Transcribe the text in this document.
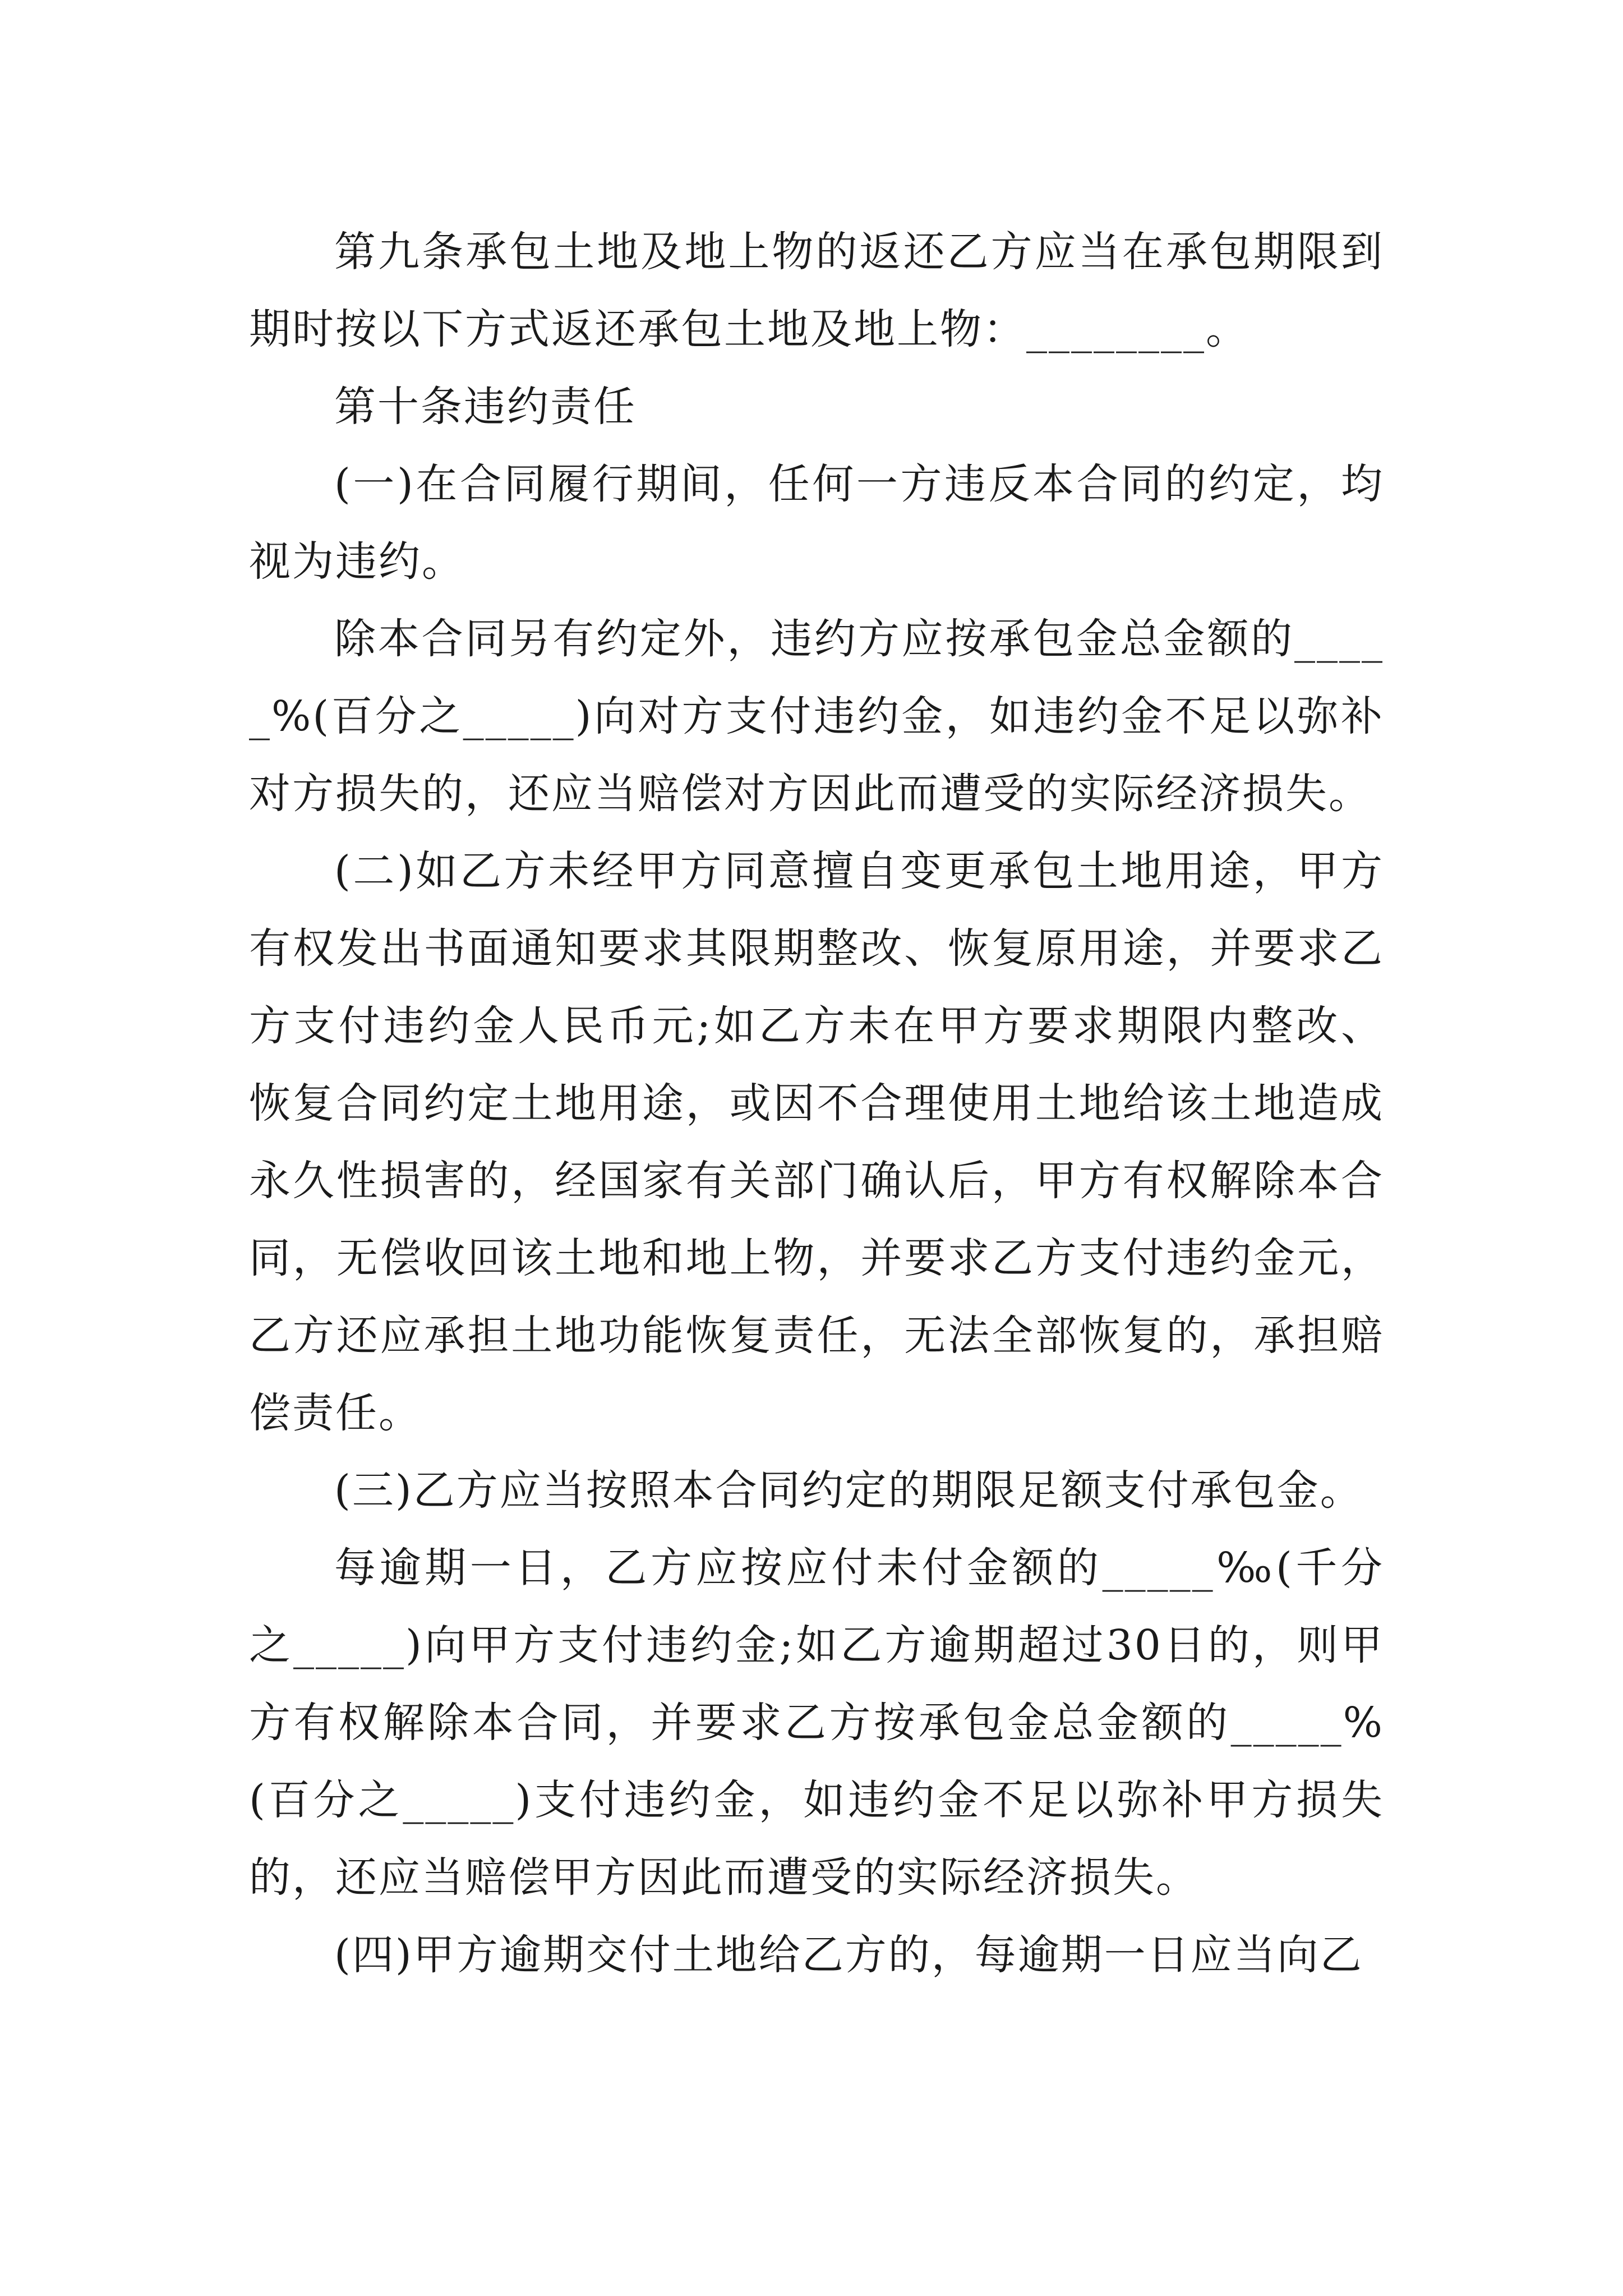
第九条承包土地及地上物的返还乙方应当在承包期限到期时按以下方式返还承包土地及地上物：________。

第十条违约责任

(一)在合同履行期间，任何一方违反本合同的约定，均视为违约。

除本合同另有约定外，违约方应按承包金总金额的_____%(百分之_____)向对方支付违约金，如违约金不足以弥补对方损失的，还应当赔偿对方因此而遭受的实际经济损失。

(二)如乙方未经甲方同意擅自变更承包土地用途，甲方有权发出书面通知要求其限期整改、恢复原用途，并要求乙方支付违约金人民币元;如乙方未在甲方要求期限内整改、恢复合同约定土地用途，或因不合理使用土地给该土地造成永久性损害的，经国家有关部门确认后，甲方有权解除本合同，无偿收回该土地和地上物，并要求乙方支付违约金元，乙方还应承担土地功能恢复责任，无法全部恢复的，承担赔偿责任。

(三)乙方应当按照本合同约定的期限足额支付承包金。

每逾期一日，乙方应按应付未付金额的_____‰(千分之_____)向甲方支付违约金;如乙方逾期超过30日的，则甲方有权解除本合同，并要求乙方按承包金总金额的_____%(百分之_____)支付违约金，如违约金不足以弥补甲方损失的，还应当赔偿甲方因此而遭受的实际经济损失。

(四)甲方逾期交付土地给乙方的，每逾期一日应当向乙
